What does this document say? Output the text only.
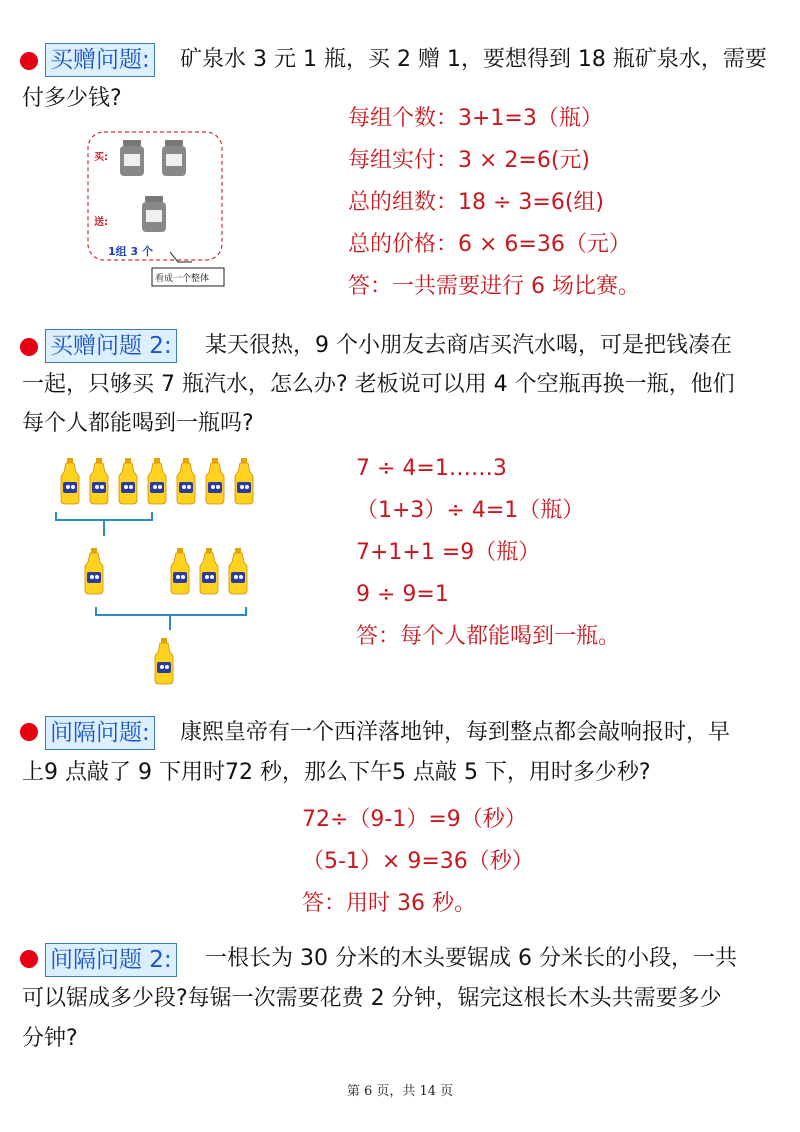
买赠问题: 矿泉水 3 元 1 瓶，买 2 赠 1，要想得到 18 瓶矿泉水，需要
付多少钱?
买:
送:
1组 3 个
看成一个整体
每组个数：3+1=3（瓶）
每组实付：3 × 2=6(元)
总的组数：18 ÷ 3=6(组)
总的价格：6 × 6=36（元）
答：一共需要进行 6 场比赛。
买赠问题 2: 某天很热，9 个小朋友去商店买汽水喝，可是把钱凑在
一起，只够买 7 瓶汽水，怎么办? 老板说可以用 4 个空瓶再换一瓶，他们
每个人都能喝到一瓶吗?
7 ÷ 4=1……3
（1+3）÷ 4=1（瓶）
7+1+1 =9（瓶）
9 ÷ 9=1
答：每个人都能喝到一瓶。
间隔问题: 康熙皇帝有一个西洋落地钟，每到整点都会敲响报时，早
上9 点敲了 9 下用时72 秒，那么下午5 点敲 5 下，用时多少秒?
72÷（9-1）=9（秒）
（5-1）× 9=36（秒）
答：用时 36 秒。
间隔问题 2: 一根长为 30 分米的木头要锯成 6 分米长的小段，一共
可以锯成多少段?每锯一次需要花费 2 分钟，锯完这根长木头共需要多少
分钟?
第 6 页，共 14 页
